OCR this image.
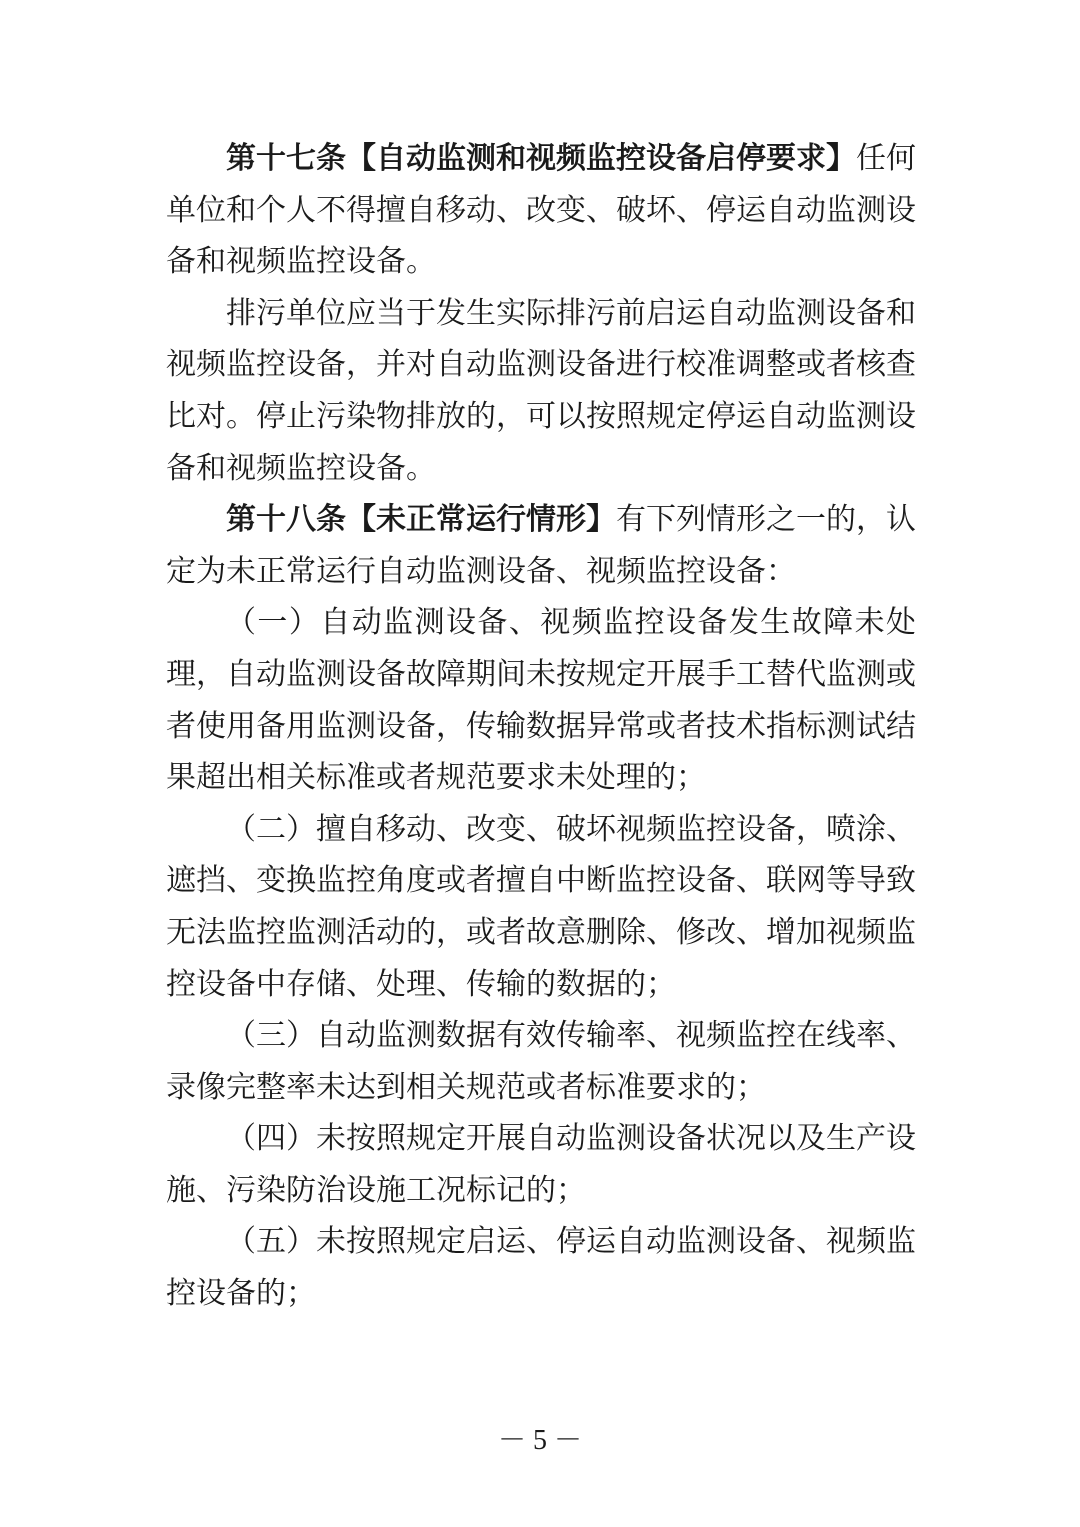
第十七条【自动监测和视频监控设备启停要求】任何单位和个人不得擅自移动、改变、破坏、停运自动监测设备和视频监控设备。

排污单位应当于发生实际排污前启运自动监测设备和视频监控设备，并对自动监测设备进行校准调整或者核查比对。停止污染物排放的，可以按照规定停运自动监测设备和视频监控设备。

第十八条【未正常运行情形】有下列情形之一的，认定为未正常运行自动监测设备、视频监控设备：

（一）自动监测设备、视频监控设备发生故障未处理，自动监测设备故障期间未按规定开展手工替代监测或者使用备用监测设备，传输数据异常或者技术指标测试结果超出相关标准或者规范要求未处理的；

（二）擅自移动、改变、破坏视频监控设备，喷涂、遮挡、变换监控角度或者擅自中断监控设备、联网等导致无法监控监测活动的，或者故意删除、修改、增加视频监控设备中存储、处理、传输的数据的；

（三）自动监测数据有效传输率、视频监控在线率、录像完整率未达到相关规范或者标准要求的；

（四）未按照规定开展自动监测设备状况以及生产设施、污染防治设施工况标记的；

（五）未按照规定启运、停运自动监测设备、视频监控设备的；

－ 5 －
